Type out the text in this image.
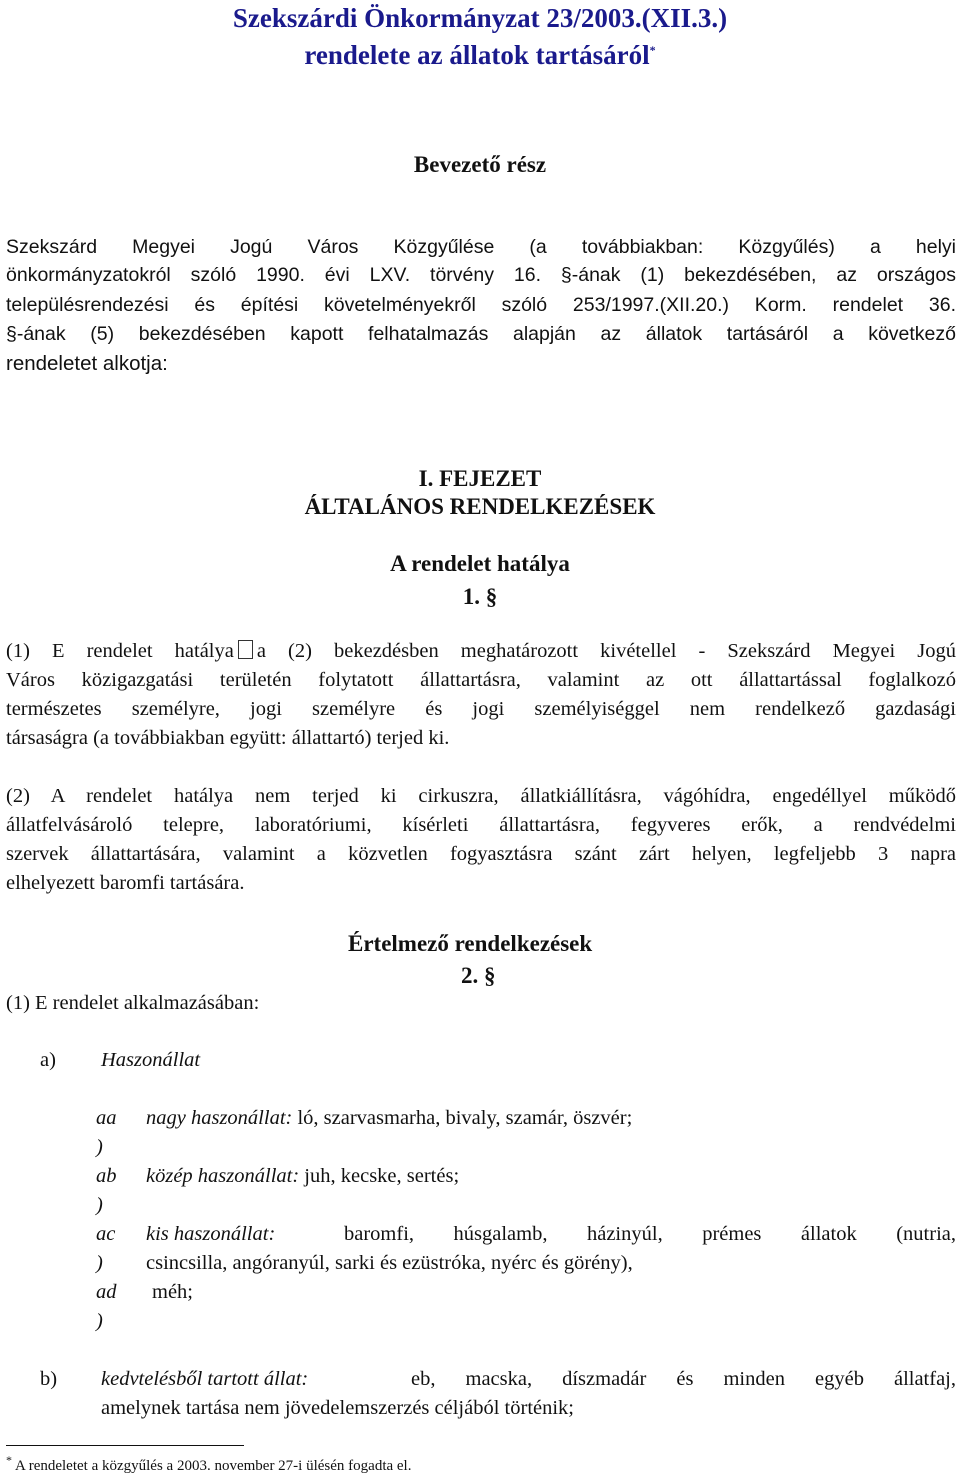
Szekszárdi Önkormányzat 23/2003.(XII.3.)
rendelete az állatok tartásáról*
Bevezető rész
Szekszárd Megyei Jogú Város Közgyűlése (a továbbiakban: Közgyűlés) a helyi
önkormányzatokról szóló 1990. évi LXV. törvény 16. §-ának (1) bekezdésében, az országos
településrendezési és építési követelményekről szóló 253/1997.(XII.20.) Korm. rendelet 36.
§-ának (5) bekezdésében kapott felhatalmazás alapján az állatok tartásáról a következő
rendeletet alkotja:
I. FEJEZET
ÁLTALÁNOS RENDELKEZÉSEK
A rendelet hatálya
1. §
(1) E rendelet hatálya a (2) bekezdésben meghatározott kivétellel - Szekszárd Megyei Jogú
Város közigazgatási területén folytatott állattartásra, valamint az ott állattartással foglalkozó
természetes személyre, jogi személyre és jogi személyiséggel nem rendelkező gazdasági
társaságra (a továbbiakban együtt: állattartó) terjed ki.
(2) A rendelet hatálya nem terjed ki cirkuszra, állatkiállításra, vágóhídra, engedéllyel működő
állatfelvásároló telepre, laboratóriumi, kísérleti állattartásra, fegyveres erők, a rendvédelmi
szervek állattartására, valamint a közvetlen fogyasztásra szánt zárt helyen, legfeljebb 3 napra
elhelyezett baromfi tartására.
Értelmező rendelkezések
2. §
(1) E rendelet alkalmazásában:
a) Haszonállat
aa
)
nagy haszonállat: ló, szarvasmarha, bivaly, szamár, öszvér;
ab
)
közép haszonállat: juh, kecske, sertés;
ac
)
kis haszonállat:	baromfi, húsgalamb, házinyúl, prémes állatok (nutria,
csincsilla, angóranyúl, sarki és ezüstróka, nyérc és görény),
ad
)
méh;
b) kedvtelésből tartott állat:	eb, macska, díszmadár és minden egyéb állatfaj,
amelynek tartása nem jövedelemszerzés céljából történik;
* A rendeletet a közgyűlés a 2003. november 27-i ülésén fogadta el.
